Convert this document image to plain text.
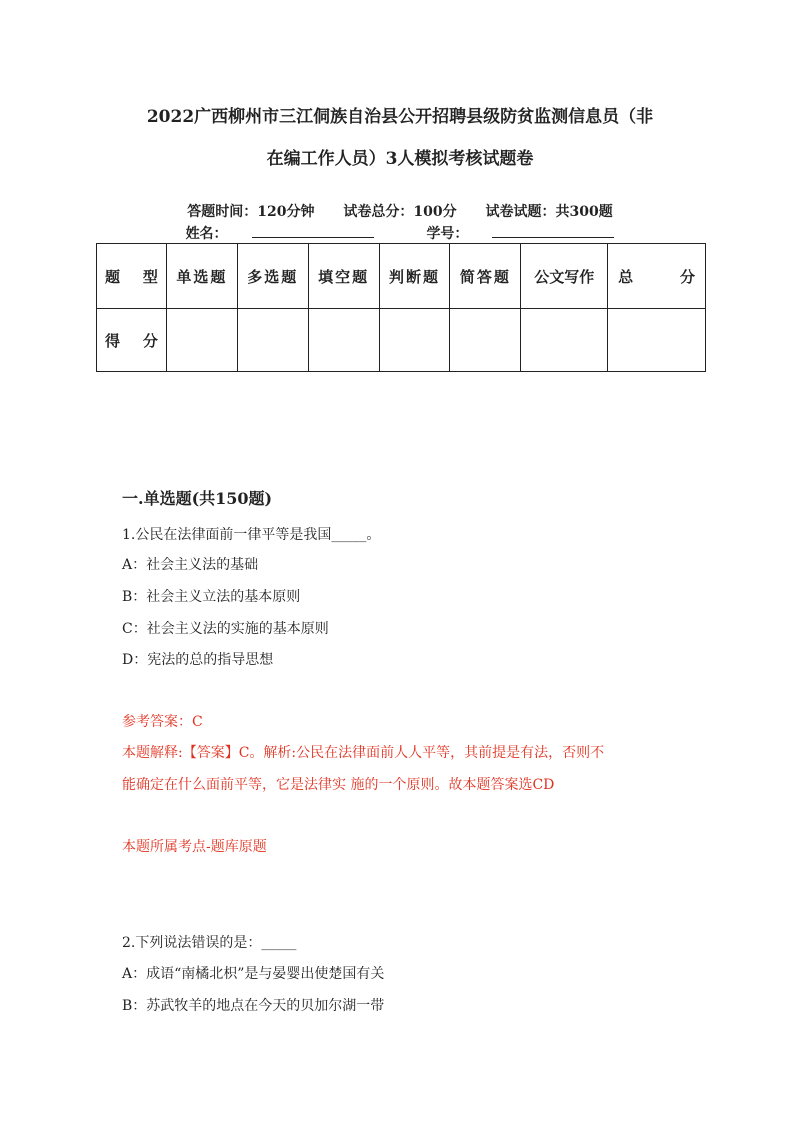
2022广西柳州市三江侗族自治县公开招聘县级防贫监测信息员（非
在编工作人员）3人模拟考核试题卷
答题时间：120分钟 试卷总分：100分 试卷试题：共300题
姓名：	学号：
题 型	单选题	多选题	填空题	判断题	简答题	公文写作	总 分
得 分							
一.单选题(共150题)
1.公民在法律面前一律平等是我国_____。
A：社会主义法的基础
B：社会主义立法的基本原则
C：社会主义法的实施的基本原则
D：宪法的总的指导思想
参考答案：C
本题解释:【答案】C。解析:公民在法律面前人人平等，其前提是有法，否则不
能确定在什么面前平等，它是法律实 施的一个原则。故本题答案选CD
本题所属考点-题库原题
2.下列说法错误的是：_____
A：成语“南橘北枳”是与晏婴出使楚国有关
B：苏武牧羊的地点在今天的贝加尔湖一带
